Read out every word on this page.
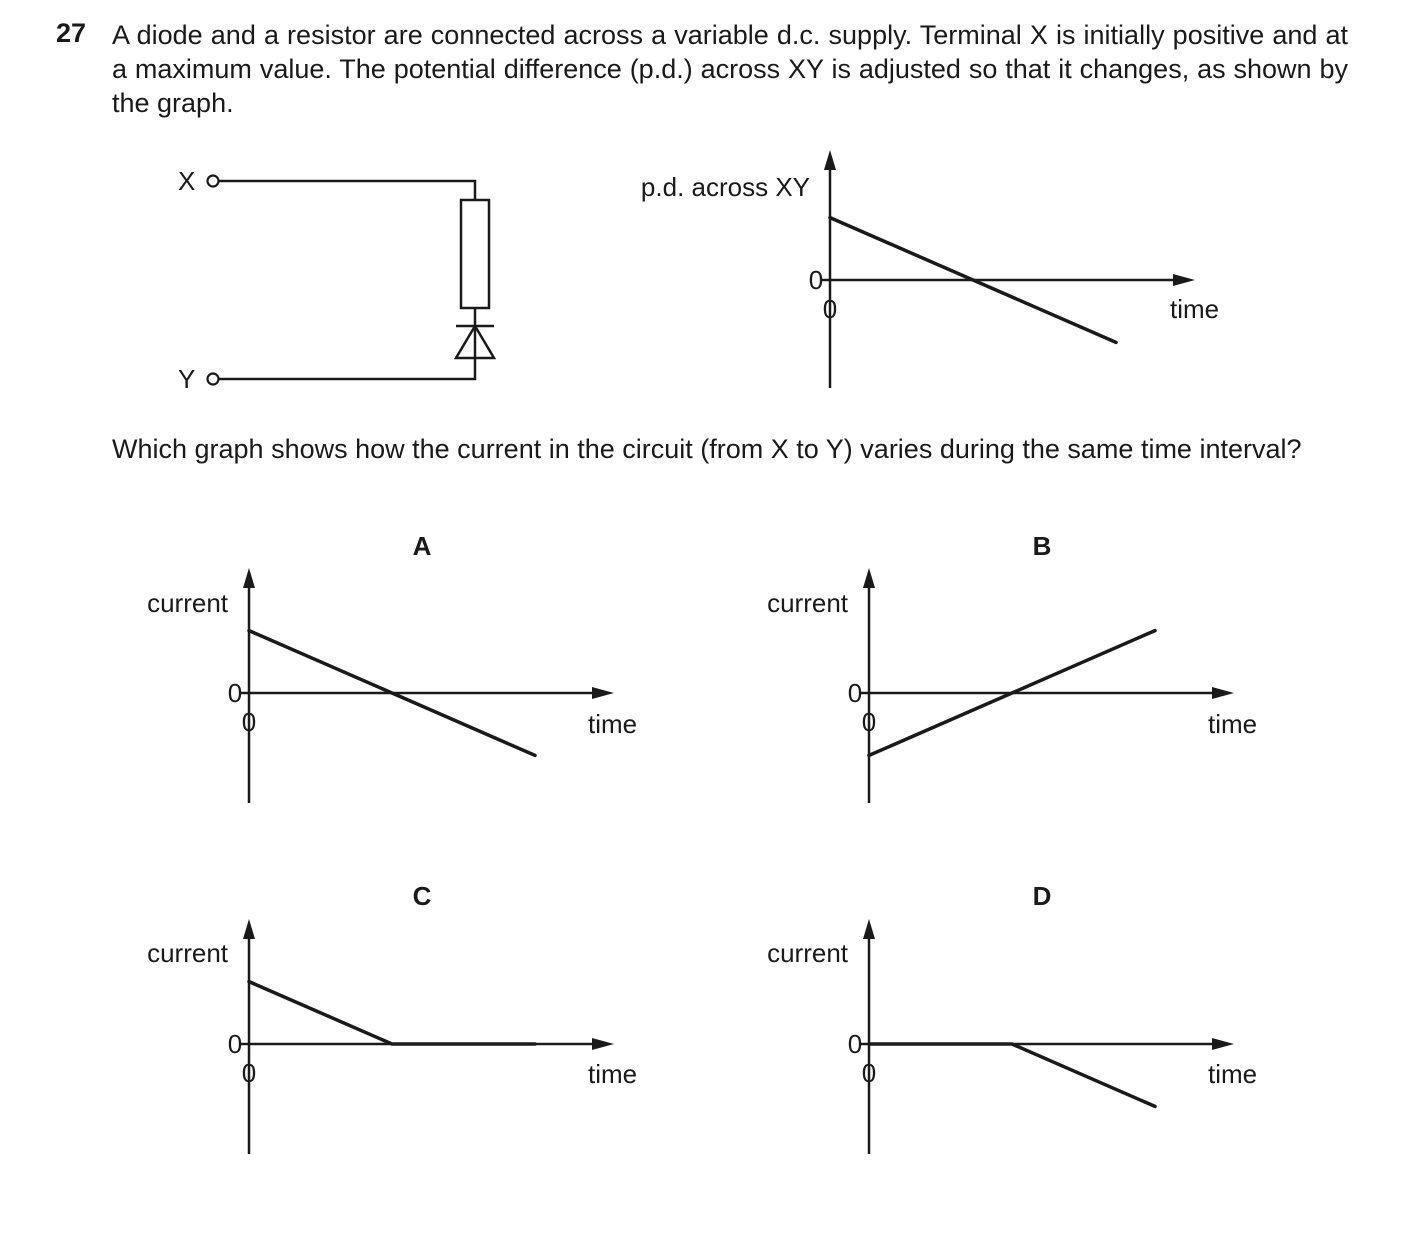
27 A diode and a resistor are connected across a variable d.c. supply. Terminal X is initially positive and at a maximum value. The potential difference (p.d.) across XY is adjusted so that it changes, as shown by the graph.

X
Y

Which graph shows how the current in the circuit (from X to Y) varies during the same time interval?

0
0
p.d. across XY
time
0
0
current
time
A
0
0
current
time
B
0
0
current
time
C
0
0
current
time
D
